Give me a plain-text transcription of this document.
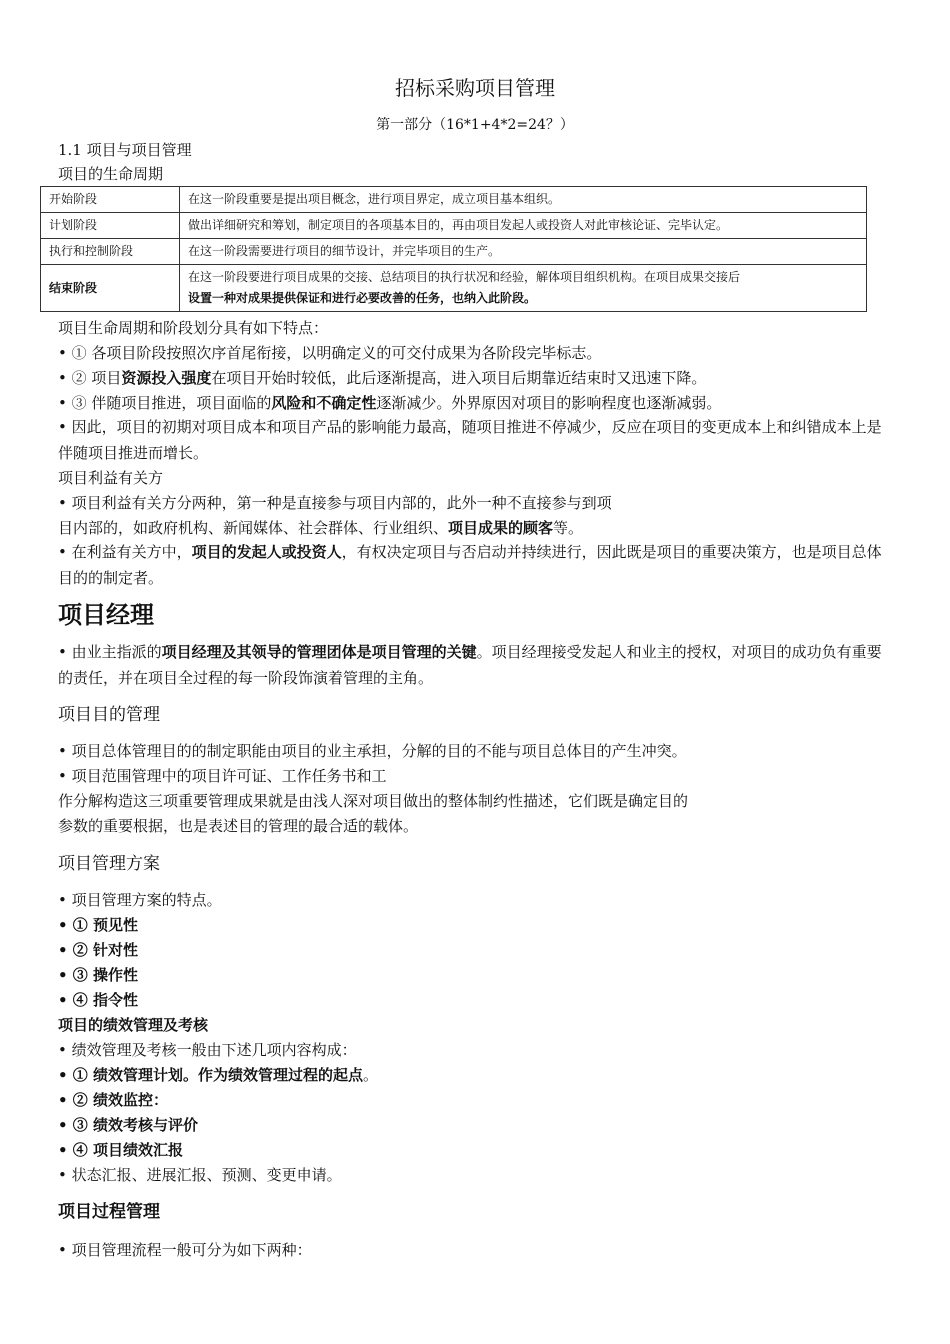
招标采购项目管理
第一部分（16*1+4*2=24？）
1.1 项目与项目管理
项目的生命周期
开始阶段	在这一阶段重要是提出项目概念，进行项目界定，成立项目基本组织。
计划阶段	做出详细研究和筹划，制定项目的各项基本目的，再由项目发起人或投资人对此审核论证、完毕认定。
执行和控制阶段	在这一阶段需要进行项目的细节设计，并完毕项目的生产。
结束阶段	在这一阶段要进行项目成果的交接、总结项目的执行状况和经验，解体项目组织机构。在项目成果交接后
设置一种对成果提供保证和进行必要改善的任务，也纳入此阶段。
项目生命周期和阶段划分具有如下特点：
• ① 各项目阶段按照次序首尾衔接，以明确定义的可交付成果为各阶段完毕标志。
• ② 项目资源投入强度在项目开始时较低，此后逐渐提高，进入项目后期靠近结束时又迅速下降。
• ③ 伴随项目推进，项目面临的风险和不确定性逐渐减少。外界原因对项目的影响程度也逐渐减弱。
• 因此，项目的初期对项目成本和项目产品的影响能力最高，随项目推进不停减少，反应在项目的变更成本上和纠错成本上是伴随项目推进而增长。
项目利益有关方
• 项目利益有关方分两种，第一种是直接参与项目内部的，此外一种不直接参与到项
目内部的，如政府机构、新闻媒体、社会群体、行业组织、项目成果的顾客等。
• 在利益有关方中，项目的发起人或投资人，有权决定项目与否启动并持续进行，因此既是项目的重要决策方，也是项目总体目的的制定者。
项目经理
• 由业主指派的项目经理及其领导的管理团体是项目管理的关键。项目经理接受发起人和业主的授权，对项目的成功负有重要的责任，并在项目全过程的每一阶段饰演着管理的主角。
项目目的管理
• 项目总体管理目的的制定职能由项目的业主承担，分解的目的不能与项目总体目的产生冲突。
• 项目范围管理中的项目许可证、工作任务书和工
作分解构造这三项重要管理成果就是由浅人深对项目做出的整体制约性描述，它们既是确定目的
参数的重要根据，也是表述目的管理的最合适的载体。
项目管理方案
• 项目管理方案的特点。
• ① 预见性
• ② 针对性
• ③ 操作性
• ④ 指令性
项目的绩效管理及考核
• 绩效管理及考核一般由下述几项内容构成：
• ① 绩效管理计划。作为绩效管理过程的起点。
• ② 绩效监控：
• ③ 绩效考核与评价
• ④ 项目绩效汇报
• 状态汇报、进展汇报、预测、变更申请。
项目过程管理
• 项目管理流程一般可分为如下两种：
